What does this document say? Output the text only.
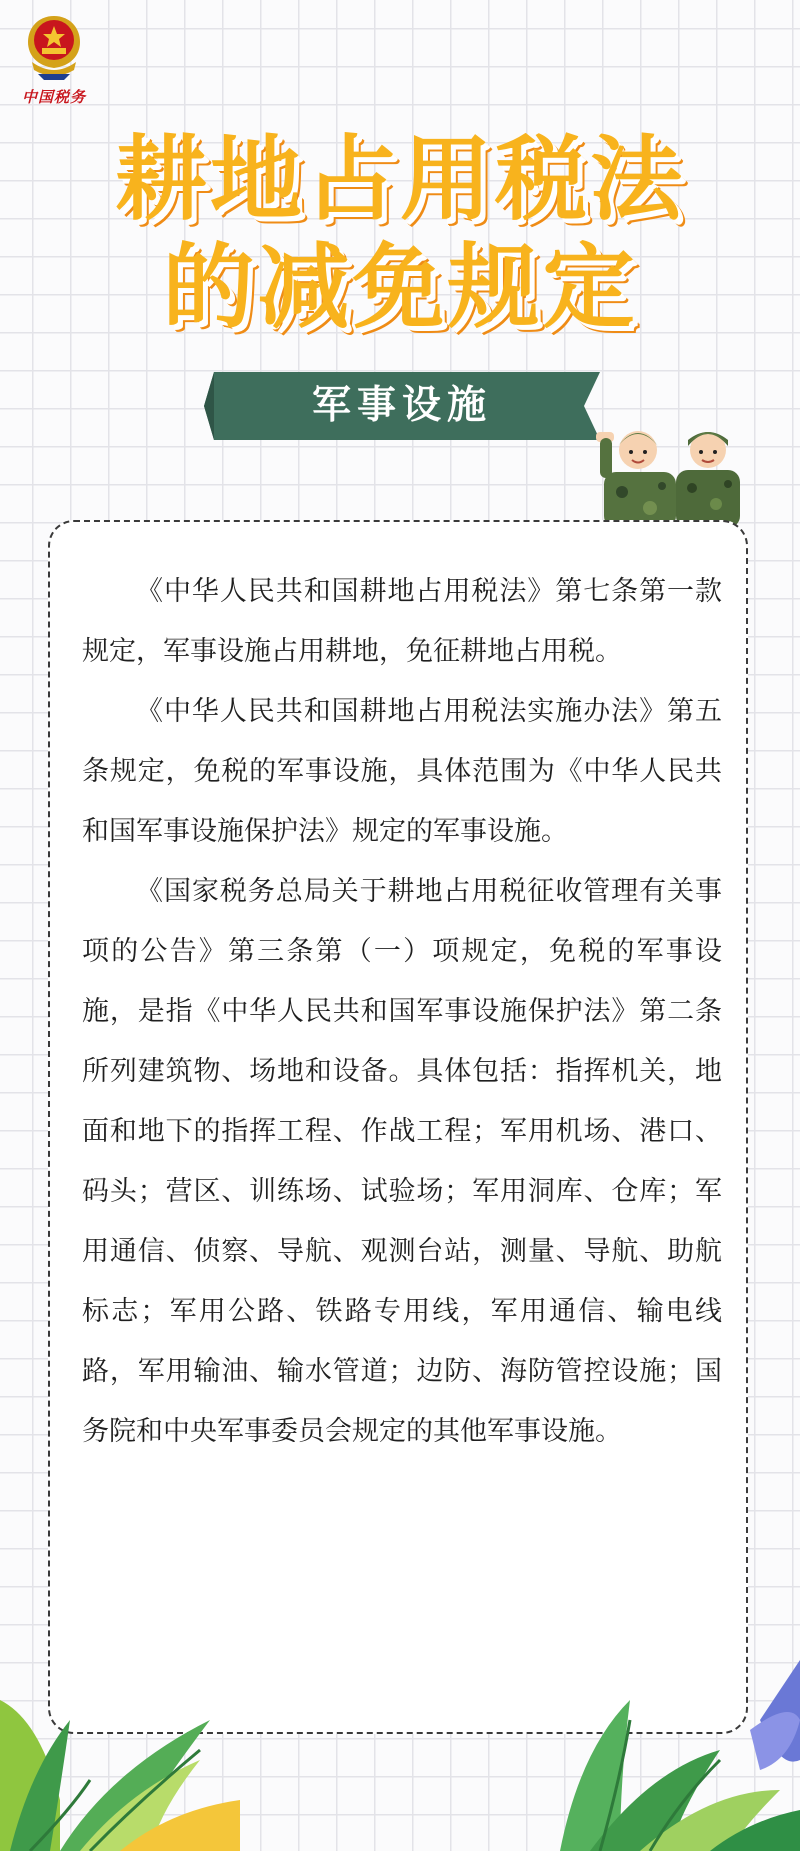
中国税务
耕地占用税法
的减免规定
军事设施

《中华人民共和国耕地占用税法》第七条第一款规定，军事设施占用耕地，免征耕地占用税。

《中华人民共和国耕地占用税法实施办法》第五条规定，免税的军事设施，具体范围为《中华人民共和国军事设施保护法》规定的军事设施。

《国家税务总局关于耕地占用税征收管理有关事项的公告》第三条第（一）项规定，免税的军事设施，是指《中华人民共和国军事设施保护法》第二条所列建筑物、场地和设备。具体包括：指挥机关，地面和地下的指挥工程、作战工程；军用机场、港口、码头；营区、训练场、试验场；军用洞库、仓库；军用通信、侦察、导航、观测台站，测量、导航、助航标志；军用公路、铁路专用线，军用通信、输电线路，军用输油、输水管道；边防、海防管控设施；国务院和中央军事委员会规定的其他军事设施。
